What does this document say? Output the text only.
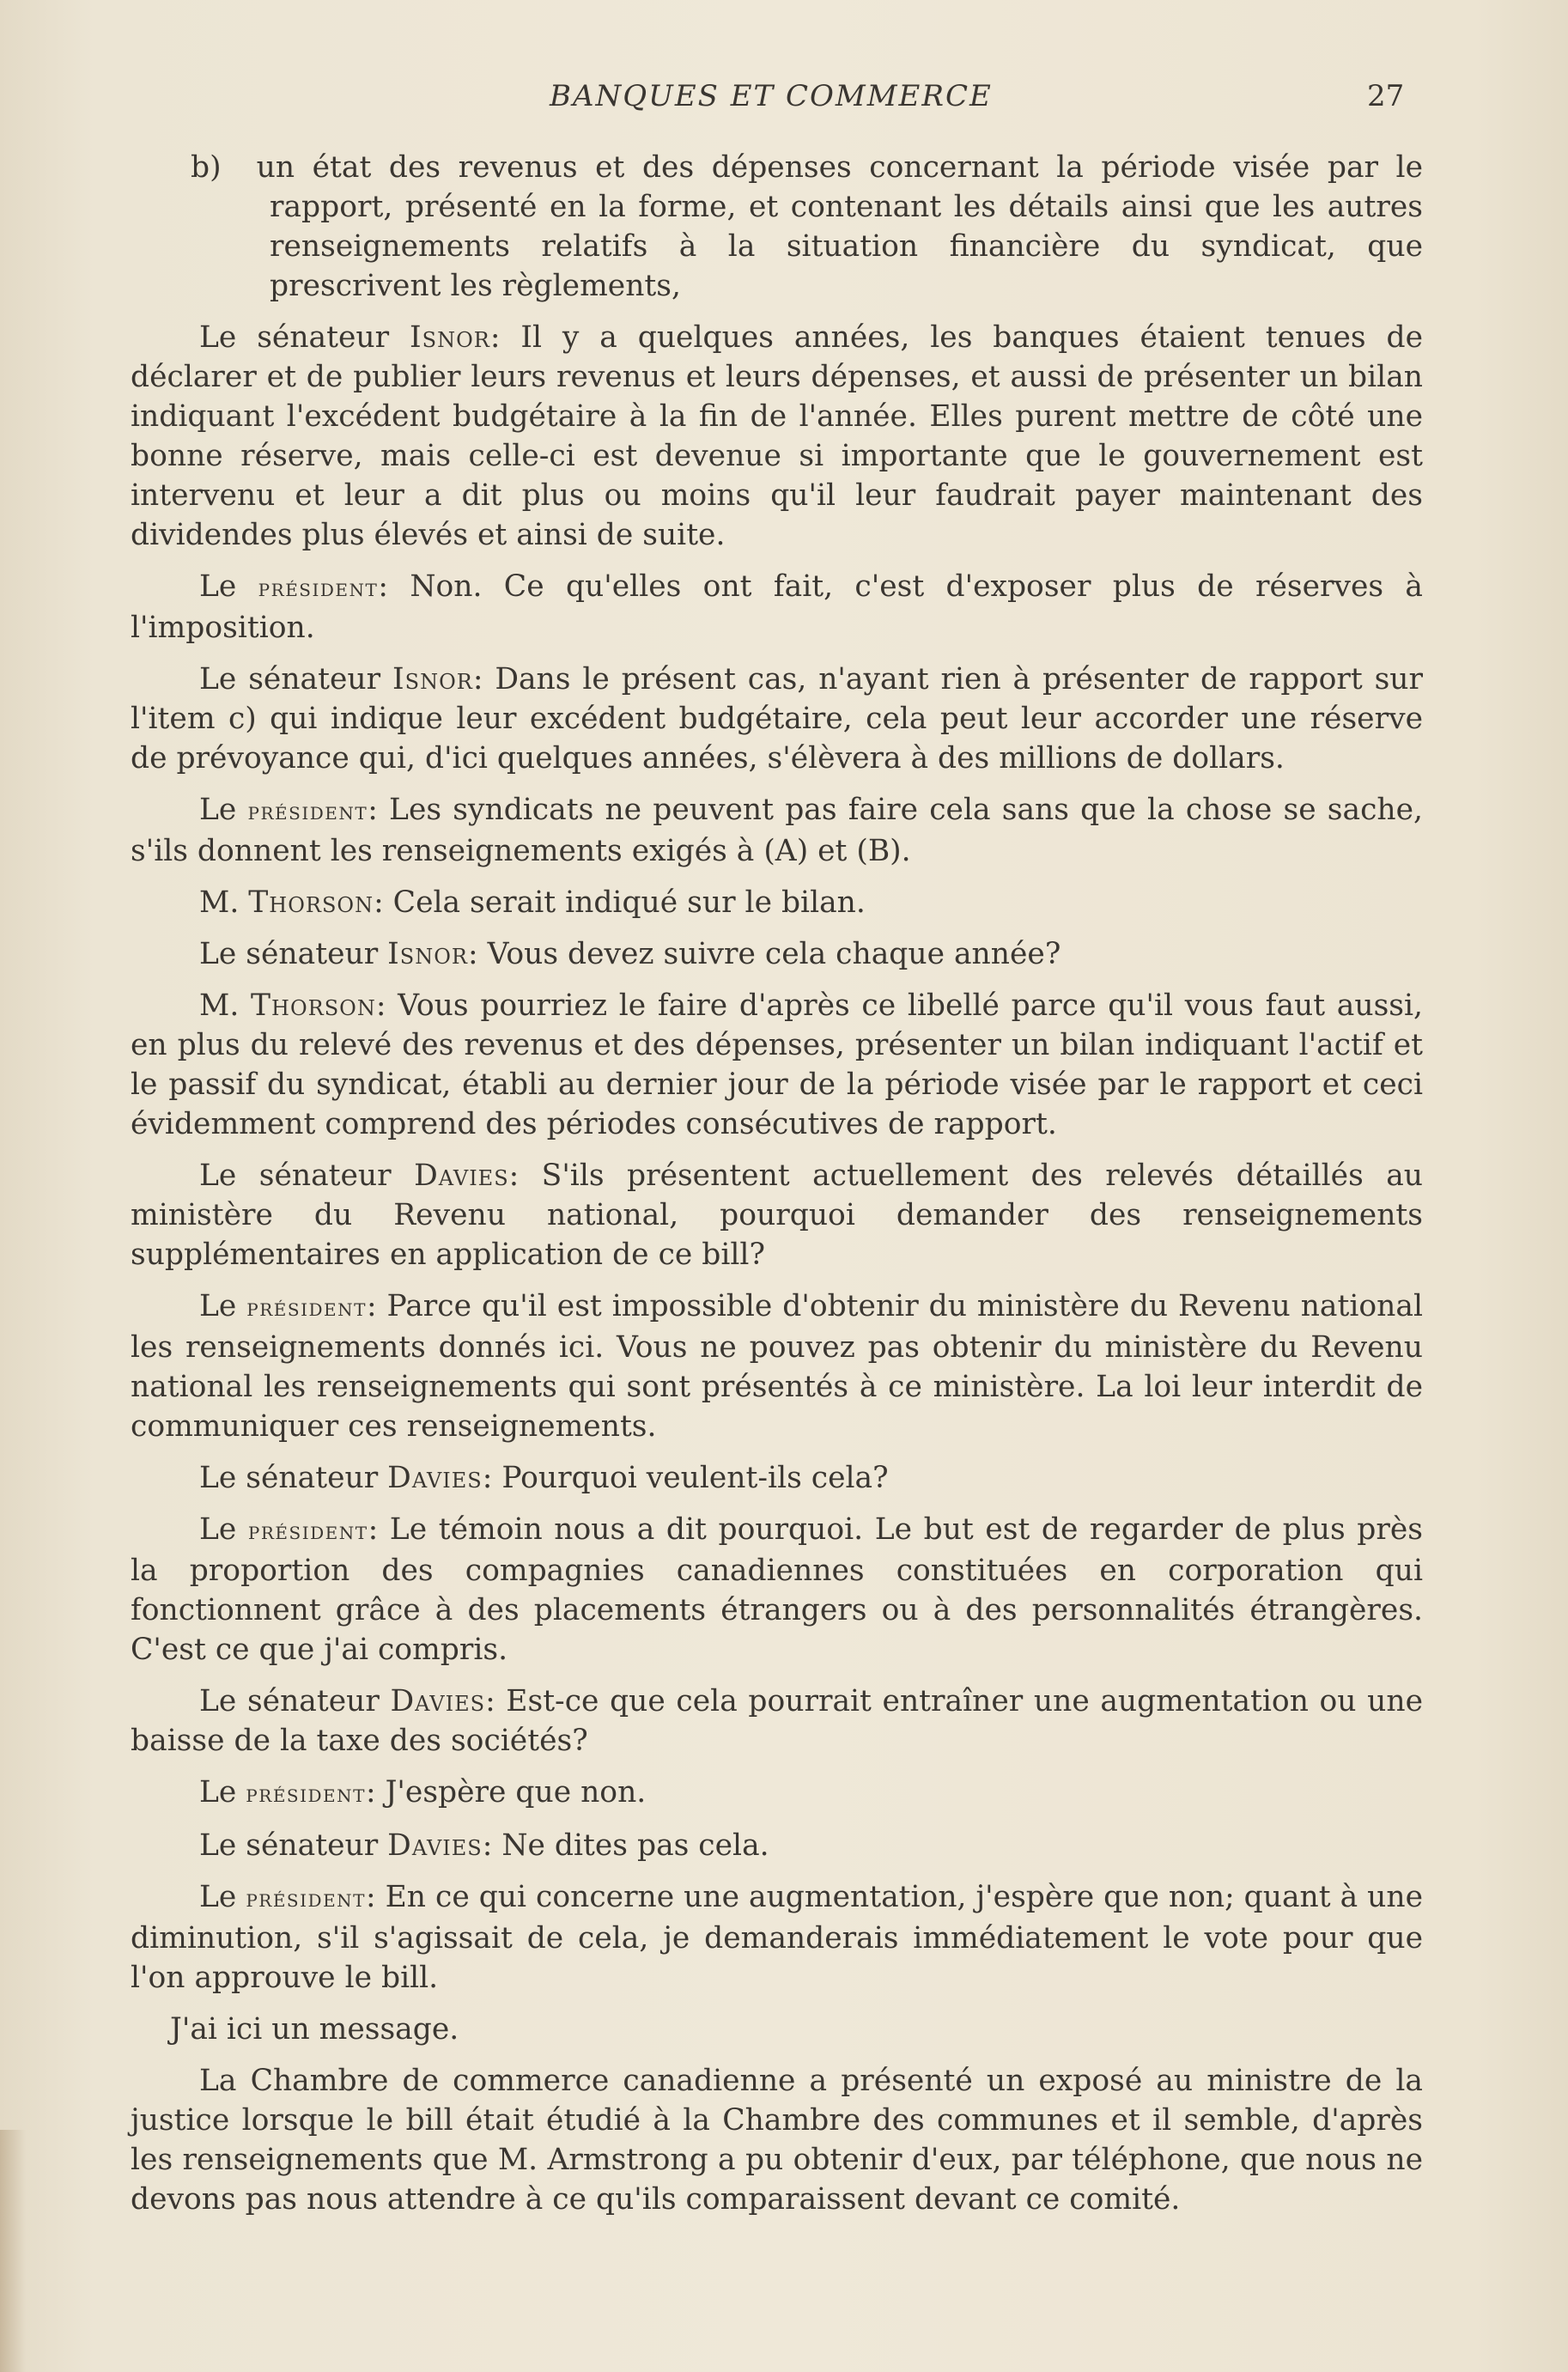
BANQUES ET COMMERCE	27

b) un état des revenus et des dépenses concernant la période visée par le rapport, présenté en la forme, et contenant les détails ainsi que les autres renseignements relatifs à la situation financière du syndicat, que prescrivent les règlements,

Le sénateur Isnor: Il y a quelques années, les banques étaient tenues de déclarer et de publier leurs revenus et leurs dépenses, et aussi de présenter un bilan indiquant l'excédent budgétaire à la fin de l'année. Elles purent mettre de côté une bonne réserve, mais celle-ci est devenue si importante que le gouvernement est intervenu et leur a dit plus ou moins qu'il leur faudrait payer maintenant des dividendes plus élevés et ainsi de suite.

Le président: Non. Ce qu'elles ont fait, c'est d'exposer plus de réserves à l'imposition.

Le sénateur Isnor: Dans le présent cas, n'ayant rien à présenter de rapport sur l'item c) qui indique leur excédent budgétaire, cela peut leur accorder une réserve de prévoyance qui, d'ici quelques années, s'élèvera à des millions de dollars.

Le président: Les syndicats ne peuvent pas faire cela sans que la chose se sache, s'ils donnent les renseignements exigés à (A) et (B).

M. Thorson: Cela serait indiqué sur le bilan.

Le sénateur Isnor: Vous devez suivre cela chaque année?

M. Thorson: Vous pourriez le faire d'après ce libellé parce qu'il vous faut aussi, en plus du relevé des revenus et des dépenses, présenter un bilan indiquant l'actif et le passif du syndicat, établi au dernier jour de la période visée par le rapport et ceci évidemment comprend des périodes consécutives de rapport.

Le sénateur Davies: S'ils présentent actuellement des relevés détaillés au ministère du Revenu national, pourquoi demander des renseignements supplémentaires en application de ce bill?

Le président: Parce qu'il est impossible d'obtenir du ministère du Revenu national les renseignements donnés ici. Vous ne pouvez pas obtenir du ministère du Revenu national les renseignements qui sont présentés à ce ministère. La loi leur interdit de communiquer ces renseignements.

Le sénateur Davies: Pourquoi veulent-ils cela?

Le président: Le témoin nous a dit pourquoi. Le but est de regarder de plus près la proportion des compagnies canadiennes constituées en corporation qui fonctionnent grâce à des placements étrangers ou à des personnalités étrangères. C'est ce que j'ai compris.

Le sénateur Davies: Est-ce que cela pourrait entraîner une augmentation ou une baisse de la taxe des sociétés?

Le président: J'espère que non.

Le sénateur Davies: Ne dites pas cela.

Le président: En ce qui concerne une augmentation, j'espère que non; quant à une diminution, s'il s'agissait de cela, je demanderais immédiatement le vote pour que l'on approuve le bill.

J'ai ici un message.

La Chambre de commerce canadienne a présenté un exposé au ministre de la justice lorsque le bill était étudié à la Chambre des communes et il semble, d'après les renseignements que M. Armstrong a pu obtenir d'eux, par téléphone, que nous ne devons pas nous attendre à ce qu'ils comparaissent devant ce comité.
